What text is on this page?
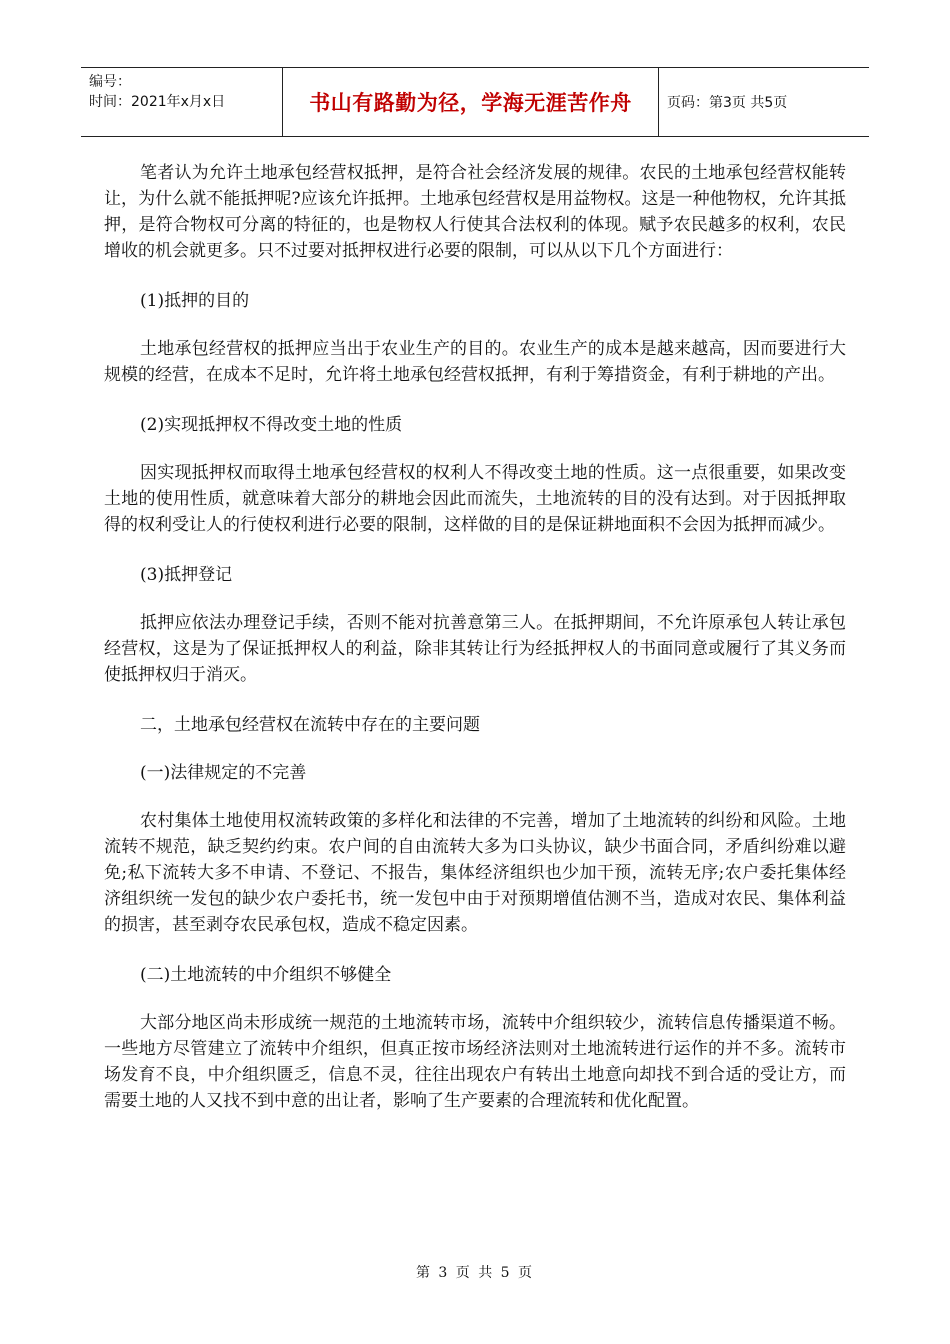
编号：
时间：2021年x月x日	书山有路勤为径，学海无涯苦作舟	页码：第3页 共5页

笔者认为允许土地承包经营权抵押，是符合社会经济发展的规律。农民的土地承包经营权能转让，为什么就不能抵押呢?应该允许抵押。土地承包经营权是用益物权。这是一种他物权，允许其抵押，是符合物权可分离的特征的，也是物权人行使其合法权利的体现。赋予农民越多的权利，农民增收的机会就更多。只不过要对抵押权进行必要的限制，可以从以下几个方面进行：

(1)抵押的目的

土地承包经营权的抵押应当出于农业生产的目的。农业生产的成本是越来越高，因而要进行大规模的经营，在成本不足时，允许将土地承包经营权抵押，有利于筹措资金，有利于耕地的产出。

(2)实现抵押权不得改变土地的性质

因实现抵押权而取得土地承包经营权的权利人不得改变土地的性质。这一点很重要，如果改变土地的使用性质，就意味着大部分的耕地会因此而流失，土地流转的目的没有达到。对于因抵押取得的权利受让人的行使权利进行必要的限制，这样做的目的是保证耕地面积不会因为抵押而减少。

(3)抵押登记

抵押应依法办理登记手续，否则不能对抗善意第三人。在抵押期间，不允许原承包人转让承包经营权，这是为了保证抵押权人的利益，除非其转让行为经抵押权人的书面同意或履行了其义务而使抵押权归于消灭。

二，土地承包经营权在流转中存在的主要问题

(一)法律规定的不完善

农村集体土地使用权流转政策的多样化和法律的不完善，增加了土地流转的纠纷和风险。土地流转不规范，缺乏契约约束。农户间的自由流转大多为口头协议，缺少书面合同，矛盾纠纷难以避免;私下流转大多不申请、不登记、不报告，集体经济组织也少加干预，流转无序;农户委托集体经济组织统一发包的缺少农户委托书，统一发包中由于对预期增值估测不当，造成对农民、集体利益的损害，甚至剥夺农民承包权，造成不稳定因素。

(二)土地流转的中介组织不够健全

大部分地区尚未形成统一规范的土地流转市场，流转中介组织较少，流转信息传播渠道不畅。一些地方尽管建立了流转中介组织，但真正按市场经济法则对土地流转进行运作的并不多。流转市场发育不良，中介组织匮乏，信息不灵，往往出现农户有转出土地意向却找不到合适的受让方，而需要土地的人又找不到中意的出让者，影响了生产要素的合理流转和优化配置。

第 3 页 共 5 页
